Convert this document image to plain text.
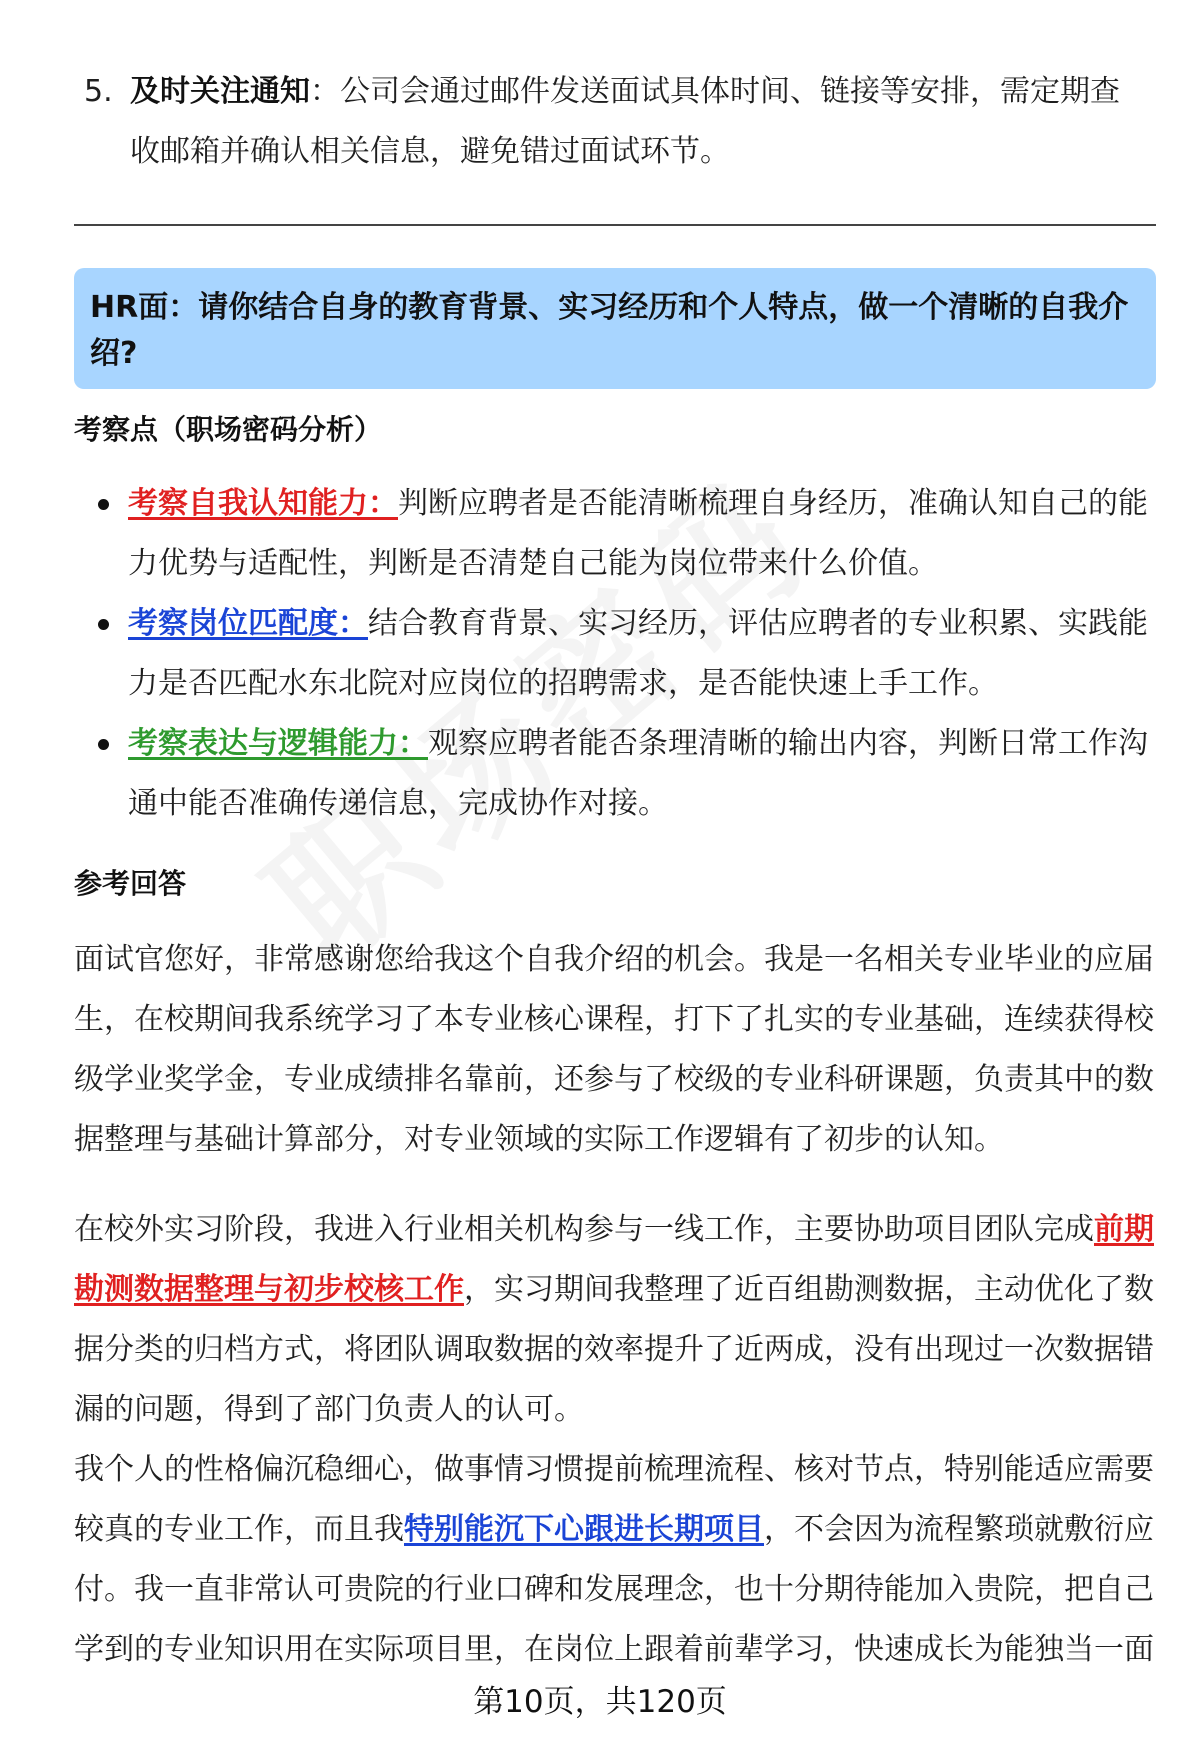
5. 及时关注通知：公司会通过邮件发送面试具体时间、链接等安排，需定期查收邮箱并确认相关信息，避免错过面试环节。
HR面：请你结合自身的教育背景、实习经历和个人特点，做一个清晰的自我介绍?
考察点（职场密码分析）
考察自我认知能力：判断应聘者是否能清晰梳理自身经历，准确认知自己的能力优势与适配性，判断是否清楚自己能为岗位带来什么价值。
考察岗位匹配度：结合教育背景、实习经历，评估应聘者的专业积累、实践能力是否匹配水东北院对应岗位的招聘需求，是否能快速上手工作。
考察表达与逻辑能力：观察应聘者能否条理清晰的输出内容，判断日常工作沟通中能否准确传递信息，完成协作对接。
参考回答
面试官您好，非常感谢您给我这个自我介绍的机会。我是一名相关专业毕业的应届生，在校期间我系统学习了本专业核心课程，打下了扎实的专业基础，连续获得校级学业奖学金，专业成绩排名靠前，还参与了校级的专业科研课题，负责其中的数据整理与基础计算部分，对专业领域的实际工作逻辑有了初步的认知。
在校外实习阶段，我进入行业相关机构参与一线工作，主要协助项目团队完成前期勘测数据整理与初步校核工作，实习期间我整理了近百组勘测数据，主动优化了数据分类的归档方式，将团队调取数据的效率提升了近两成，没有出现过一次数据错漏的问题，得到了部门负责人的认可。
我个人的性格偏沉稳细心，做事情习惯提前梳理流程、核对节点，特别能适应需要较真的专业工作，而且我特别能沉下心跟进长期项目，不会因为流程繁琐就敷衍应付。我一直非常认可贵院的行业口碑和发展理念，也十分期待能加入贵院，把自己学到的专业知识用在实际项目里，在岗位上跟着前辈学习，快速成长为能独当一面
第10页，共120页
